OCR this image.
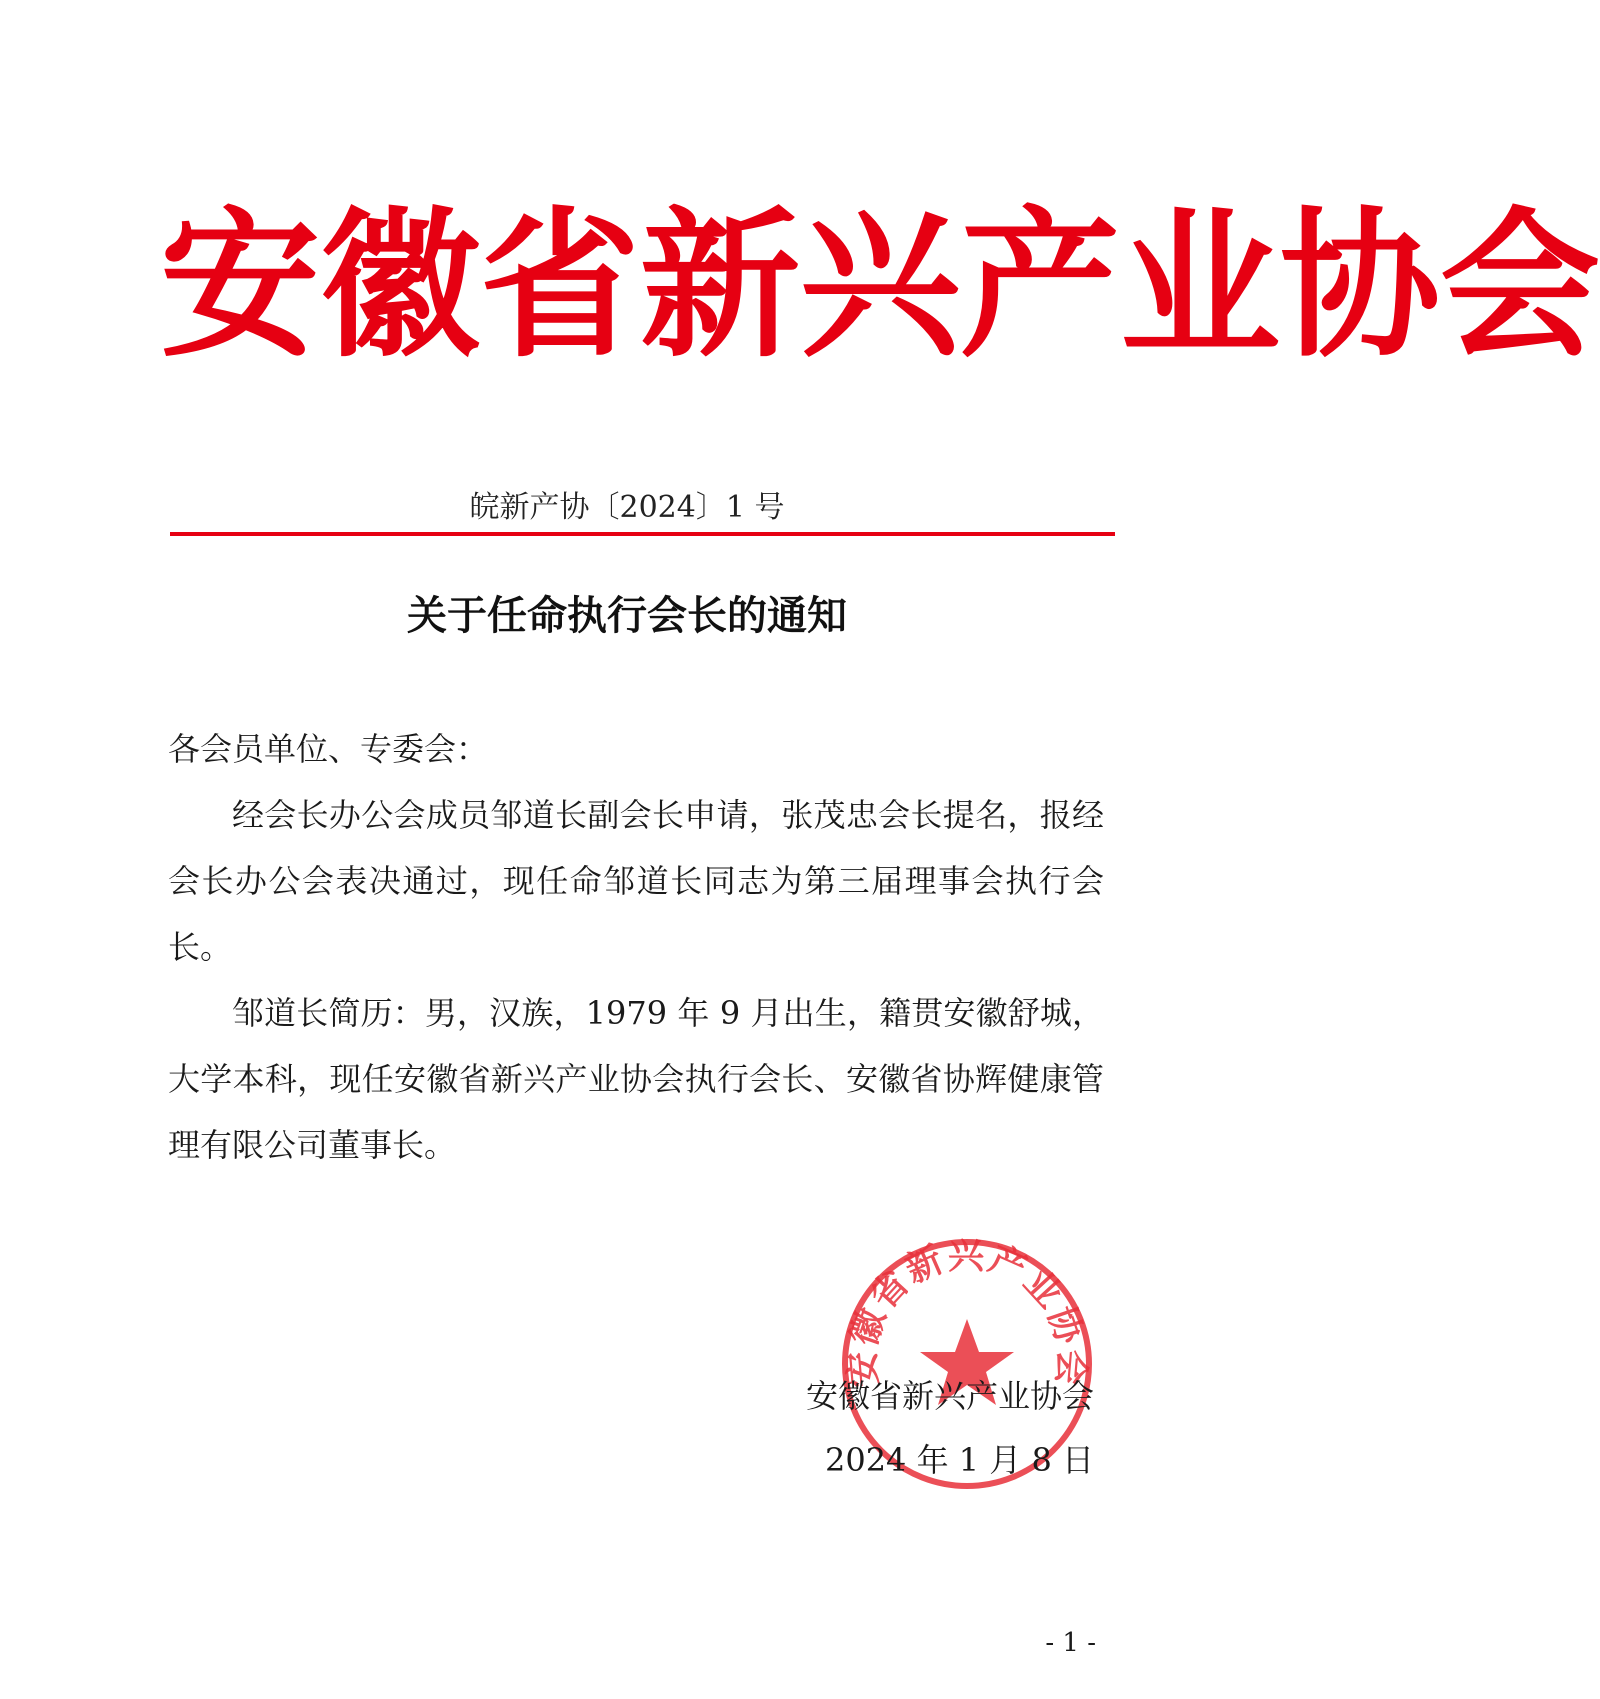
安徽省新兴产业协会
皖新产协〔2024〕1 号
关于任命执行会长的通知
各会员单位、专委会：
经会长办公会成员邹道长副会长申请，张茂忠会长提名，报经会长办公会表决通过，现任命邹道长同志为第三届理事会执行会长。
邹道长简历：男，汉族，1979 年 9 月出生，籍贯安徽舒城，大学本科，现任安徽省新兴产业协会执行会长、安徽省协辉健康管理有限公司董事长。
安徽省新兴产业协会
安徽省新兴产业协会
2024 年 1 月 8 日
- 1 -
